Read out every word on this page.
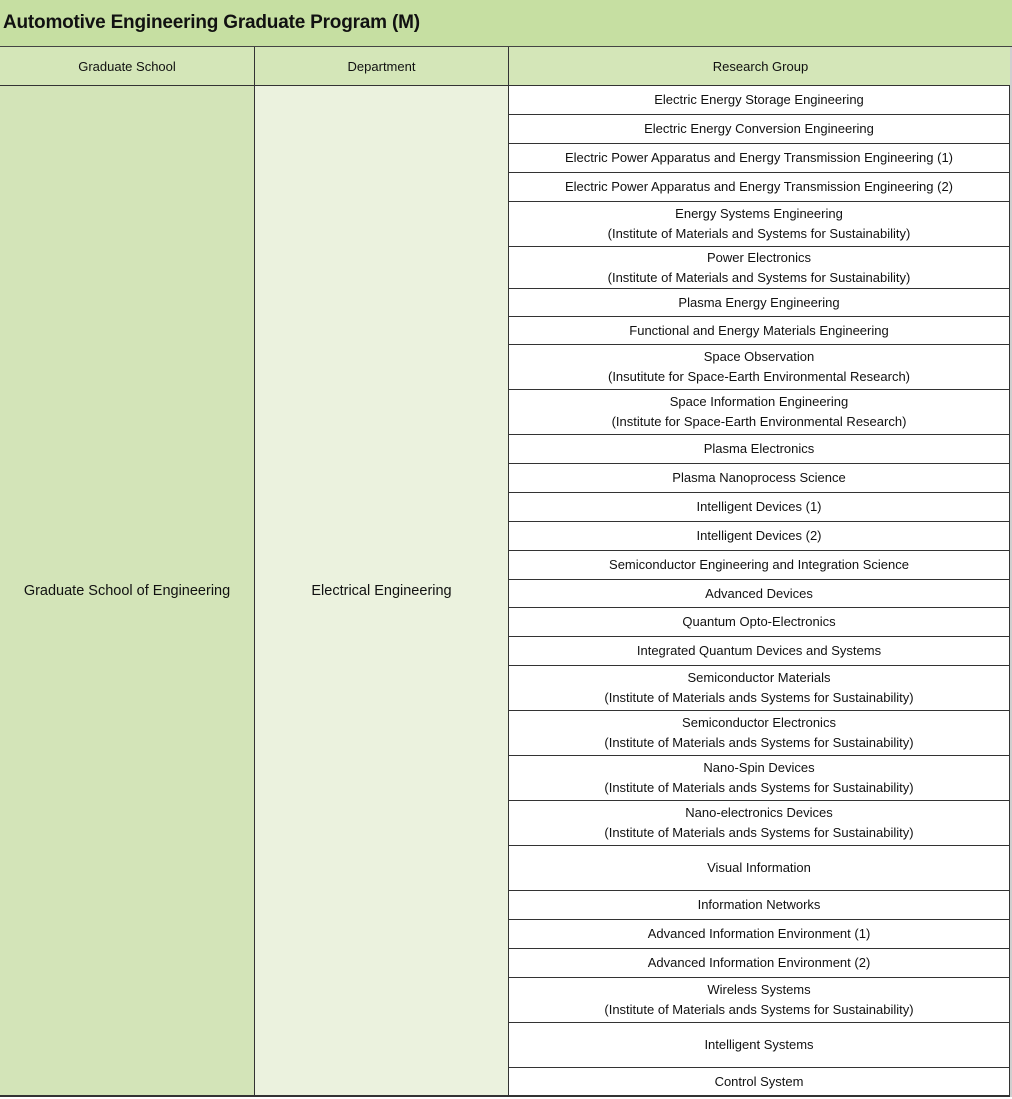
Automotive Engineering Graduate Program (M)
Graduate School	Department	Research Group
Graduate School of Engineering	Electrical Engineering
Electric Energy Storage Engineering
Electric Energy Conversion Engineering
Electric Power Apparatus and Energy Transmission Engineering (1)
Electric Power Apparatus and Energy Transmission Engineering (2)
Energy Systems Engineering
(Institute of Materials and Systems for Sustainability)
Power Electronics
(Institute of Materials and Systems for Sustainability)
Plasma Energy Engineering
Functional and Energy Materials Engineering
Space Observation
(Insutitute for Space-Earth Environmental Research)
Space Information Engineering
(Institute for Space-Earth Environmental Research)
Plasma Electronics
Plasma Nanoprocess Science
Intelligent Devices (1)
Intelligent Devices (2)
Semiconductor Engineering and Integration Science
Advanced Devices
Quantum Opto-Electronics
Integrated Quantum Devices and Systems
Semiconductor Materials
(Institute of Materials ands Systems for Sustainability)
Semiconductor Electronics
(Institute of Materials ands Systems for Sustainability)
Nano-Spin Devices
(Institute of Materials ands Systems for Sustainability)
Nano-electronics Devices
(Institute of Materials ands Systems for Sustainability)
Visual Information
Information Networks
Advanced Information Environment (1)
Advanced Information Environment (2)
Wireless Systems
(Institute of Materials ands Systems for Sustainability)
Intelligent Systems
Control System
